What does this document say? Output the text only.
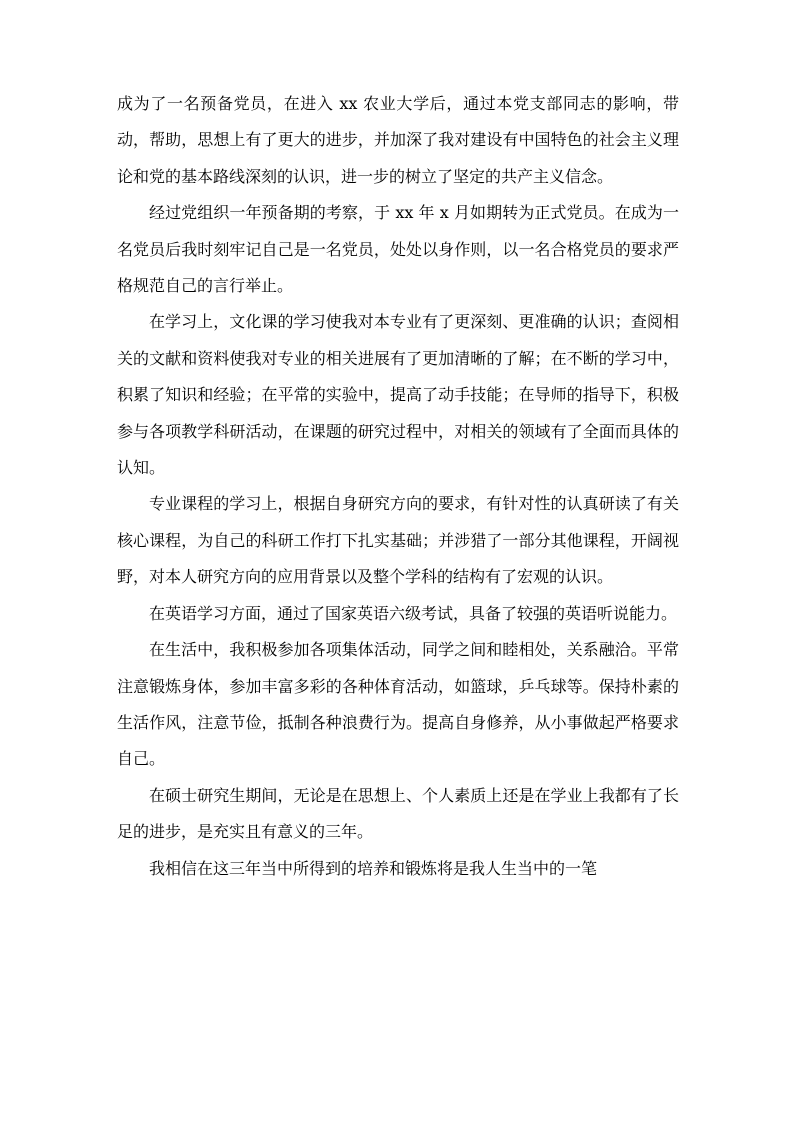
成为了一名预备党员，在进入 xx 农业大学后，通过本党支部同志的影响，带动，帮助，思想上有了更大的进步，并加深了我对建设有中国特色的社会主义理论和党的基本路线深刻的认识，进一步的树立了坚定的共产主义信念。

经过党组织一年预备期的考察，于 xx 年 x 月如期转为正式党员。在成为一名党员后我时刻牢记自己是一名党员，处处以身作则，以一名合格党员的要求严格规范自己的言行举止。

在学习上，文化课的学习使我对本专业有了更深刻、更准确的认识；查阅相关的文献和资料使我对专业的相关进展有了更加清晰的了解；在不断的学习中，积累了知识和经验；在平常的实验中，提高了动手技能；在导师的指导下，积极参与各项教学科研活动，在课题的研究过程中，对相关的领域有了全面而具体的认知。

专业课程的学习上，根据自身研究方向的要求，有针对性的认真研读了有关核心课程，为自己的科研工作打下扎实基础；并涉猎了一部分其他课程，开阔视野，对本人研究方向的应用背景以及整个学科的结构有了宏观的认识。

在英语学习方面，通过了国家英语六级考试，具备了较强的英语听说能力。

在生活中，我积极参加各项集体活动，同学之间和睦相处，关系融洽。平常注意锻炼身体，参加丰富多彩的各种体育活动，如篮球，乒乓球等。保持朴素的生活作风，注意节俭，抵制各种浪费行为。提高自身修养，从小事做起严格要求自己。

在硕士研究生期间，无论是在思想上、个人素质上还是在学业上我都有了长足的进步，是充实且有意义的三年。

我相信在这三年当中所得到的培养和锻炼将是我人生当中的一笔
